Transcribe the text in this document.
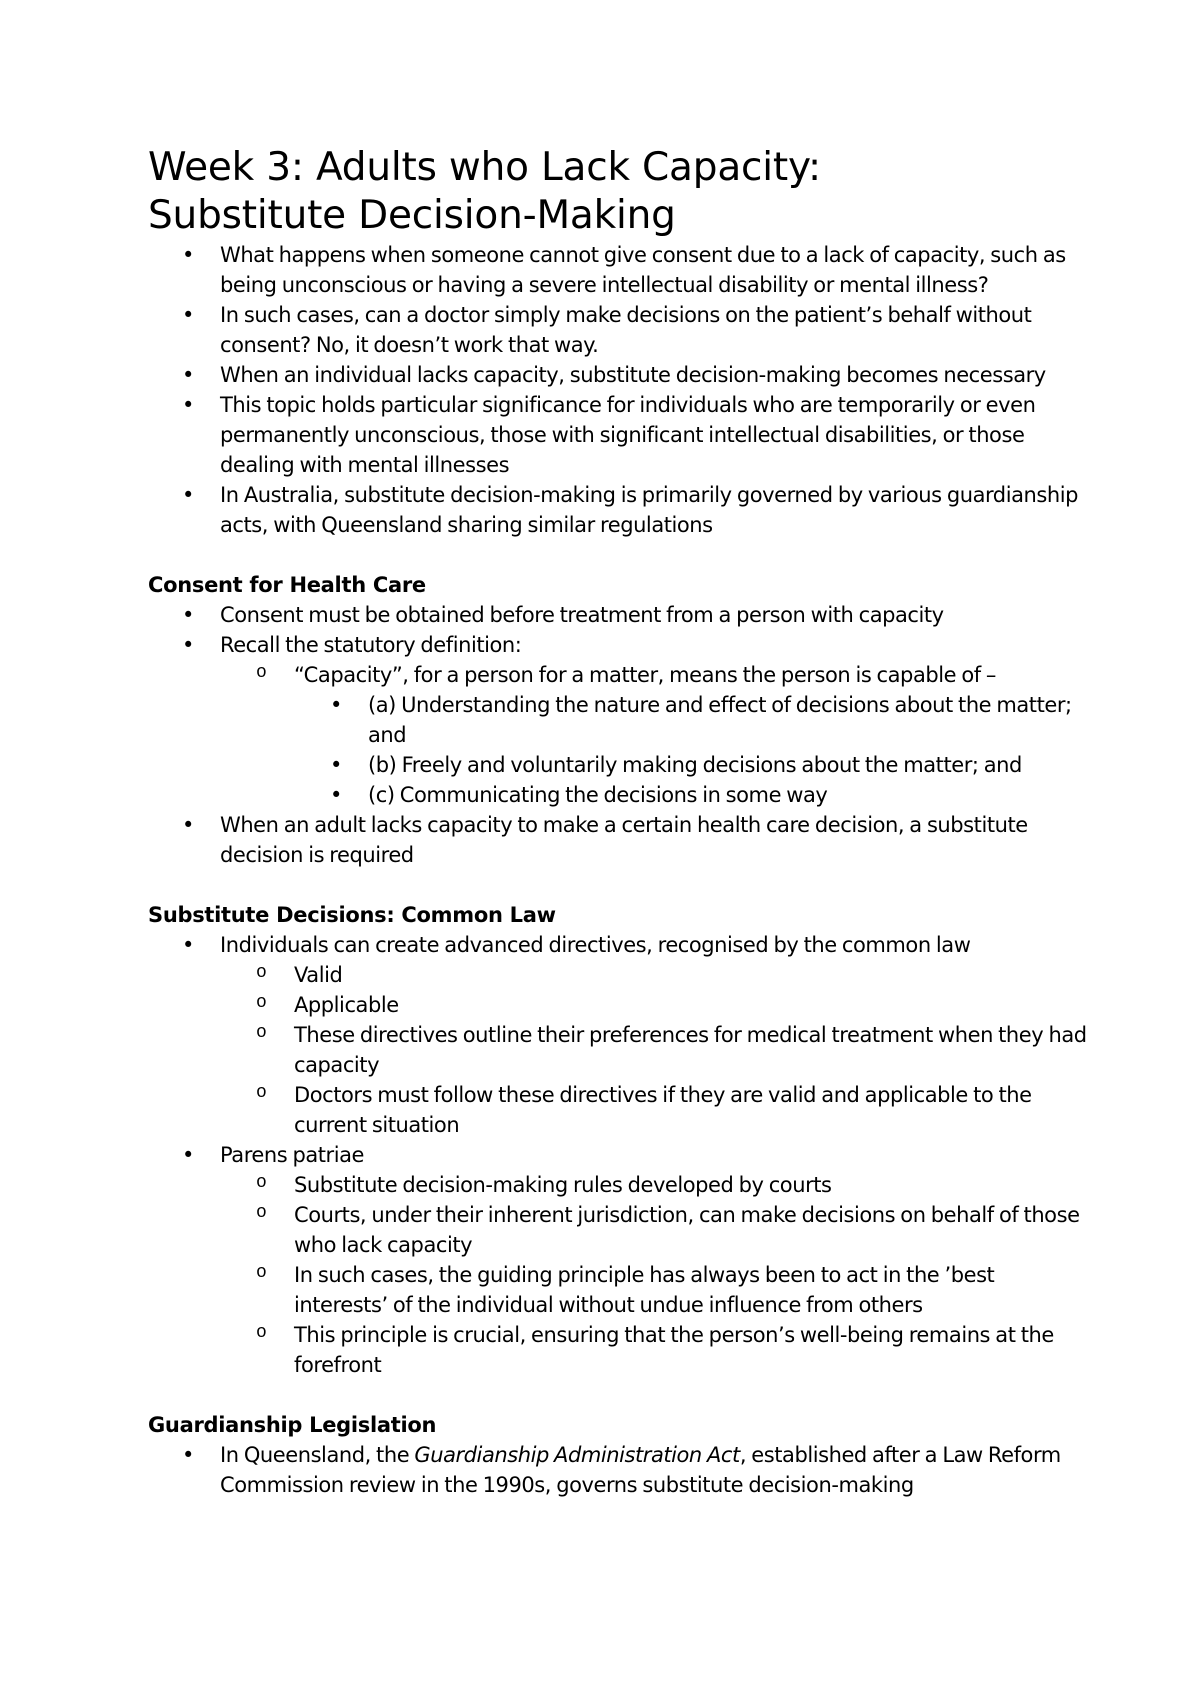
Week 3: Adults who Lack Capacity:
Substitute Decision-Making
• What happens when someone cannot give consent due to a lack of capacity, such as being unconscious or having a severe intellectual disability or mental illness?
• In such cases, can a doctor simply make decisions on the patient’s behalf without consent? No, it doesn’t work that way.
• When an individual lacks capacity, substitute decision-making becomes necessary
• This topic holds particular significance for individuals who are temporarily or even permanently unconscious, those with significant intellectual disabilities, or those dealing with mental illnesses
• In Australia, substitute decision-making is primarily governed by various guardianship acts, with Queensland sharing similar regulations

Consent for Health Care

• Consent must be obtained before treatment from a person with capacity
• Recall the statutory definition:
o “Capacity”, for a person for a matter, means the person is capable of –
• (a) Understanding the nature and effect of decisions about the matter; and
• (b) Freely and voluntarily making decisions about the matter; and
• (c) Communicating the decisions in some way
• When an adult lacks capacity to make a certain health care decision, a substitute decision is required

Substitute Decisions: Common Law

• Individuals can create advanced directives, recognised by the common law
o Valid
o Applicable
o These directives outline their preferences for medical treatment when they had capacity
o Doctors must follow these directives if they are valid and applicable to the current situation
• Parens patriae
o Substitute decision-making rules developed by courts
o Courts, under their inherent jurisdiction, can make decisions on behalf of those who lack capacity
o In such cases, the guiding principle has always been to act in the ’best interests’ of the individual without undue influence from others
o This principle is crucial, ensuring that the person’s well-being remains at the forefront

Guardianship Legislation

• In Queensland, the Guardianship Administration Act, established after a Law Reform Commission review in the 1990s, governs substitute decision-making
